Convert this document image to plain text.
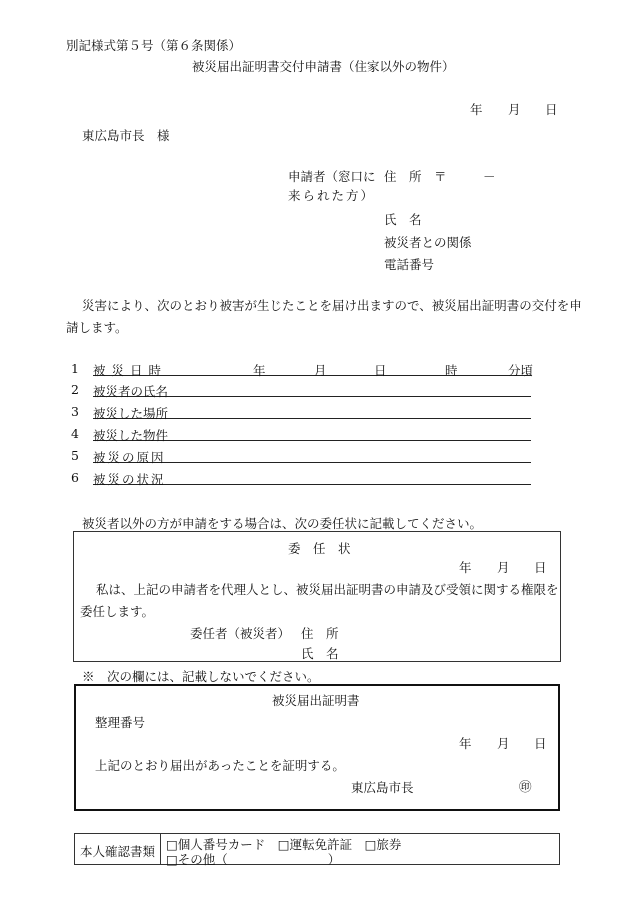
別記様式第５号（第６条関係）
被災届出証明書交付申請書（住家以外の物件）
年 月 日
東広島市長　様
申請者（窓口に
来られた方）
住　所 〒	－
氏　名
被災者との関係
電話番号
災害により、次のとおり被害が生じたことを届け出ますので、被災届出証明書の交付を申
請します。
1 被災日時	年	月	日	時	分頃
2 被災者の氏名
3 被災した場所
4 被災した物件
5 被災の原因
6 被災の状況
被災者以外の方が申請をする場合は、次の委任状に記載してください。
委　任　状
年 月 日
私は、上記の申請者を代理人とし、被災届出証明書の申請及び受領に関する権限を
委任します。
委任者（被災者） 住　所
氏　名
※　次の欄には、記載しないでください。
被災届出証明書
整理番号
年 月 日
上記のとおり届出があったことを証明する。
東広島市長	㊞
本人確認書類 □個人番号カード　□運転免許証　□旅券
□その他（　　　　　　　　）
